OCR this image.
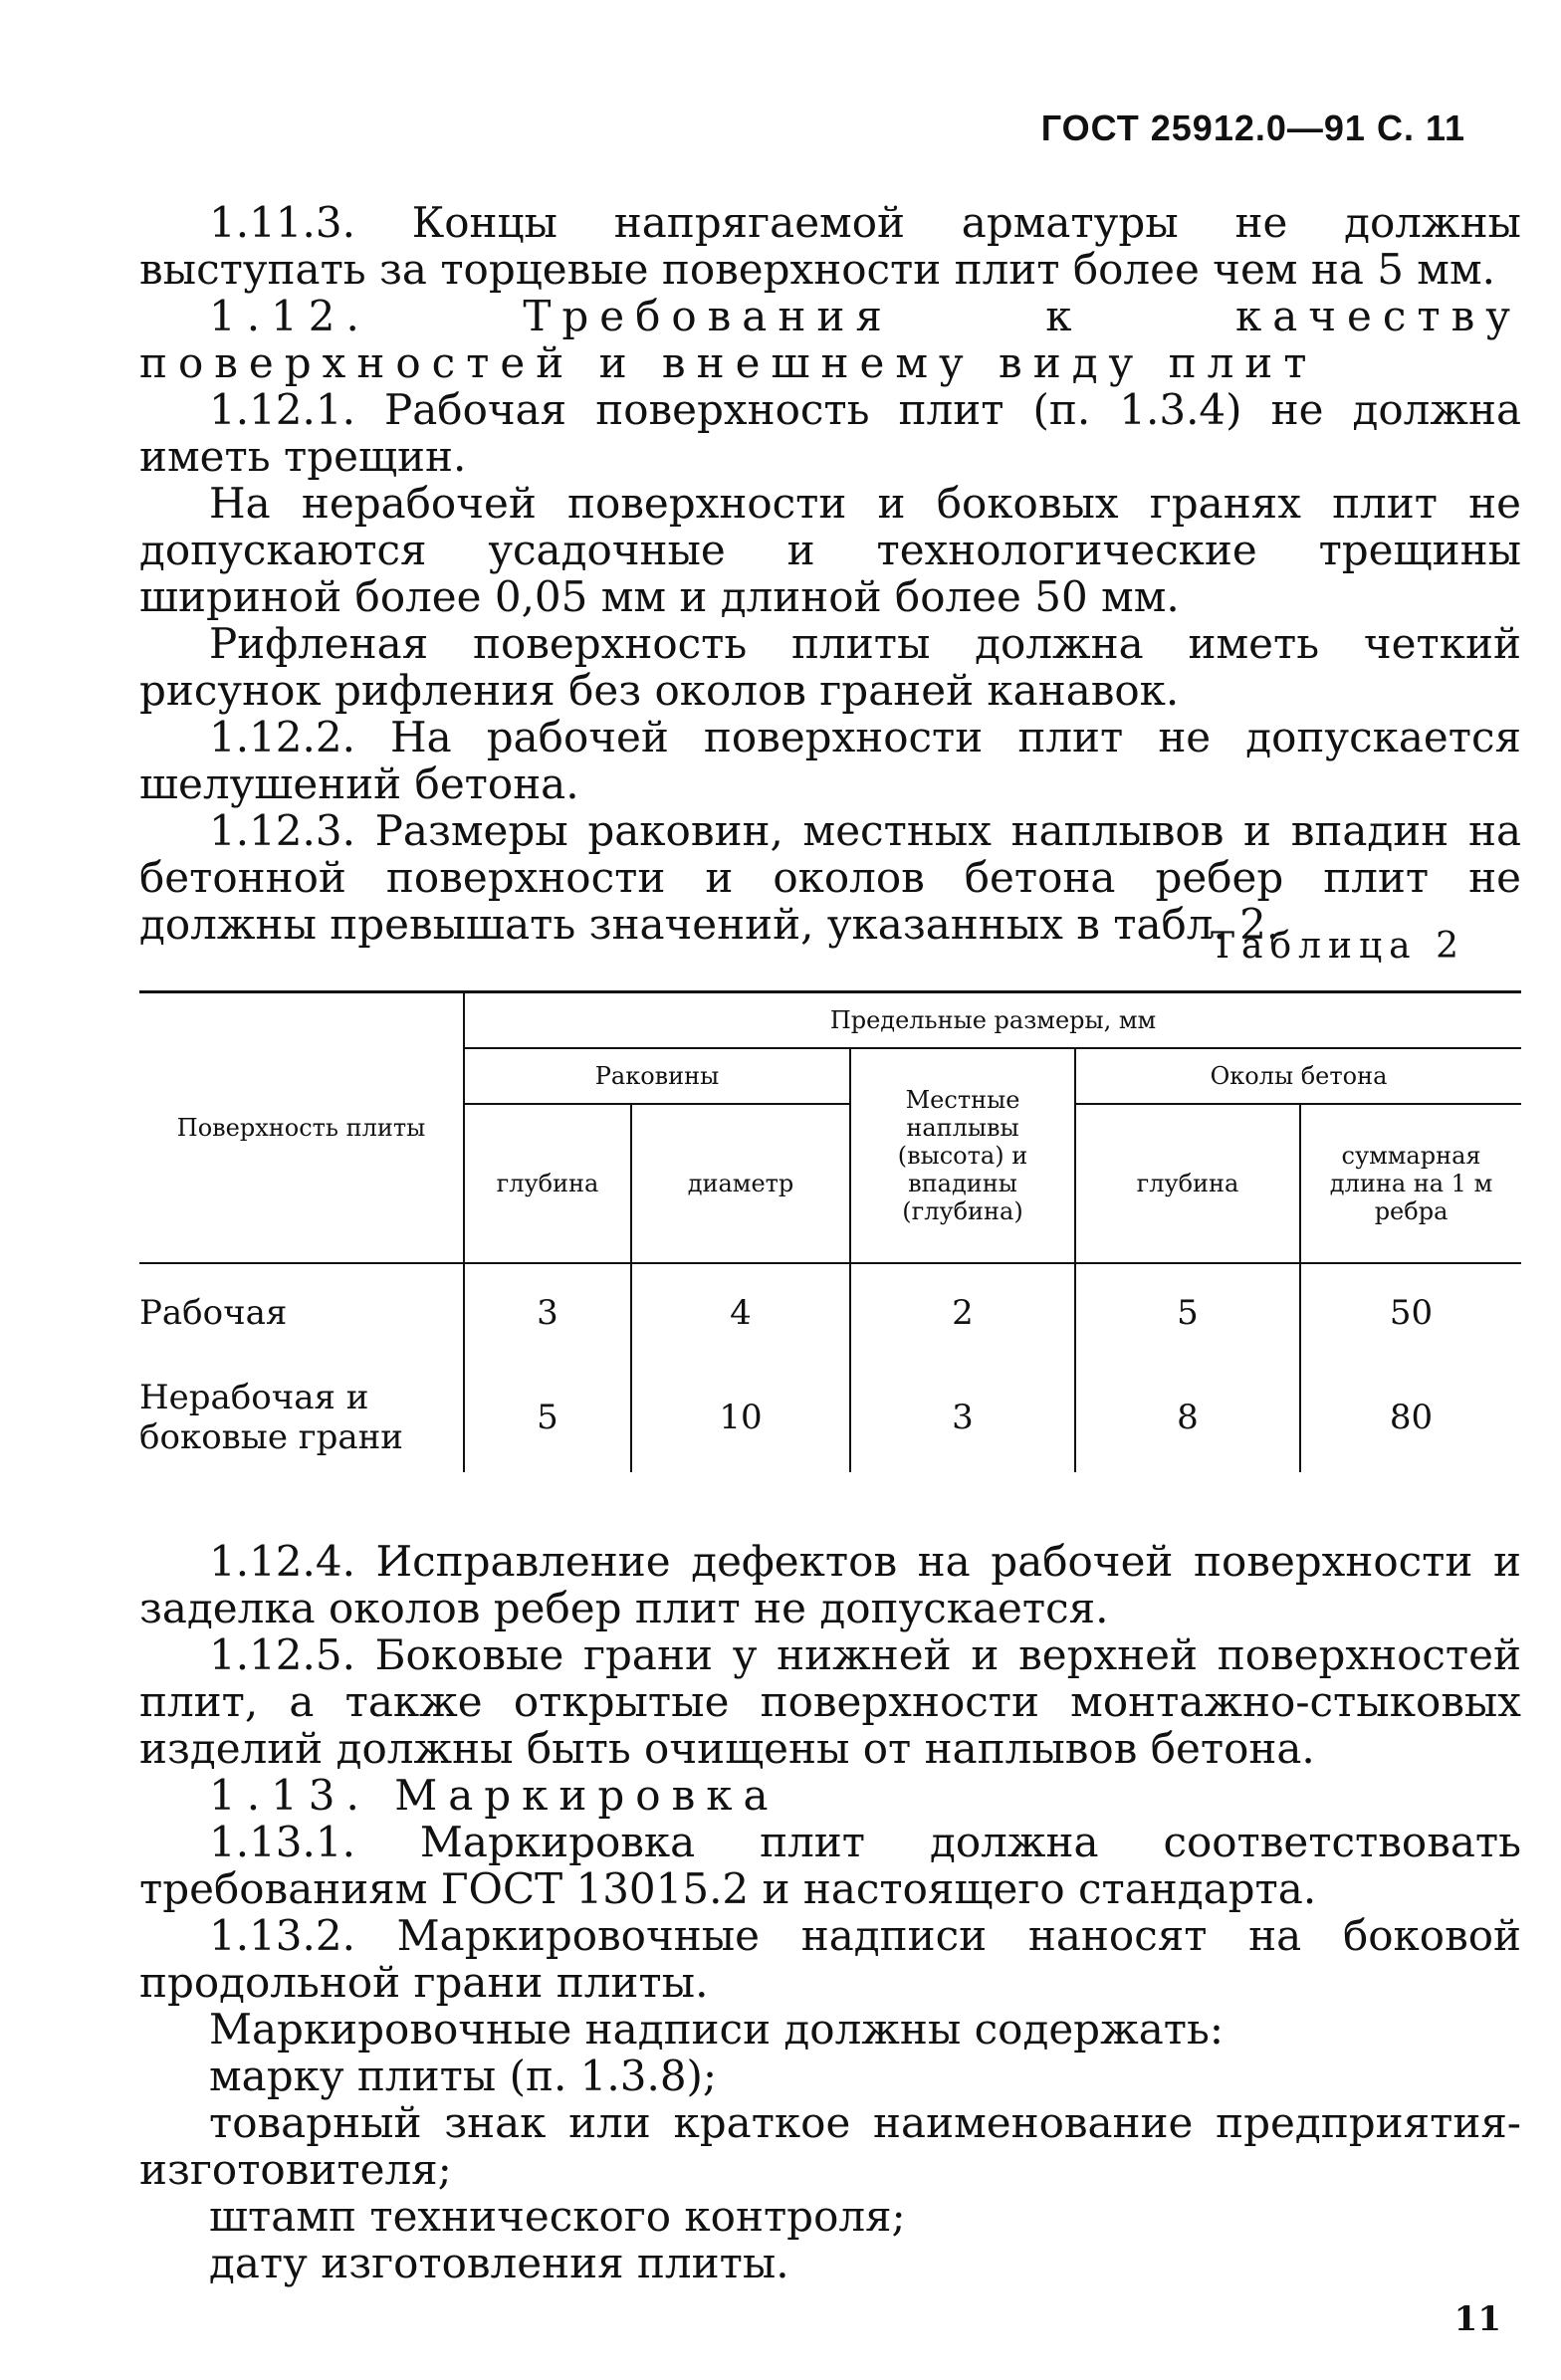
ГОСТ 25912.0—91 С. 11

1.11.3. Концы напрягаемой арматуры не должны выступать за торцевые поверхности плит более чем на 5 мм.

1.12. Требования к качеству поверхностей и внешнему виду плит

1.12.1. Рабочая поверхность плит (п. 1.3.4) не должна иметь трещин.

На нерабочей поверхности и боковых гранях плит не допускаются усадочные и технологические трещины шириной более 0,05 мм и длиной более 50 мм.

Рифленая поверхность плиты должна иметь четкий рисунок рифления без околов граней канавок.

1.12.2. На рабочей поверхности плит не допускается шелушений бетона.

1.12.3. Размеры раковин, местных наплывов и впадин на бетонной поверхности и околов бетона ребер плит не должны превышать значений, указанных в табл. 2.

Таблица 2
Поверхность плиты	Предельные размеры, мм				
	Раковины		Местные наплывы (высота) и впадины (глубина)	Околы бетона	
	глубина	диаметр		глубина	суммарная длина на 1 м ребра
Рабочая	3	4	2	5	50
Нерабочая и боковые грани	5	10	3	8	80

1.12.4. Исправление дефектов на рабочей поверхности и заделка околов ребер плит не допускается.

1.12.5. Боковые грани у нижней и верхней поверхностей плит, а также открытые поверхности монтажно-стыковых изделий должны быть очищены от наплывов бетона.

1.13. Маркировка

1.13.1. Маркировка плит должна соответствовать требованиям ГОСТ 13015.2 и настоящего стандарта.

1.13.2. Маркировочные надписи наносят на боковой продольной грани плиты.

Маркировочные надписи должны содержать:

марку плиты (п. 1.3.8);

товарный знак или краткое наименование предприятия-изготовителя;

штамп технического контроля;

дату изготовления плиты.

11
